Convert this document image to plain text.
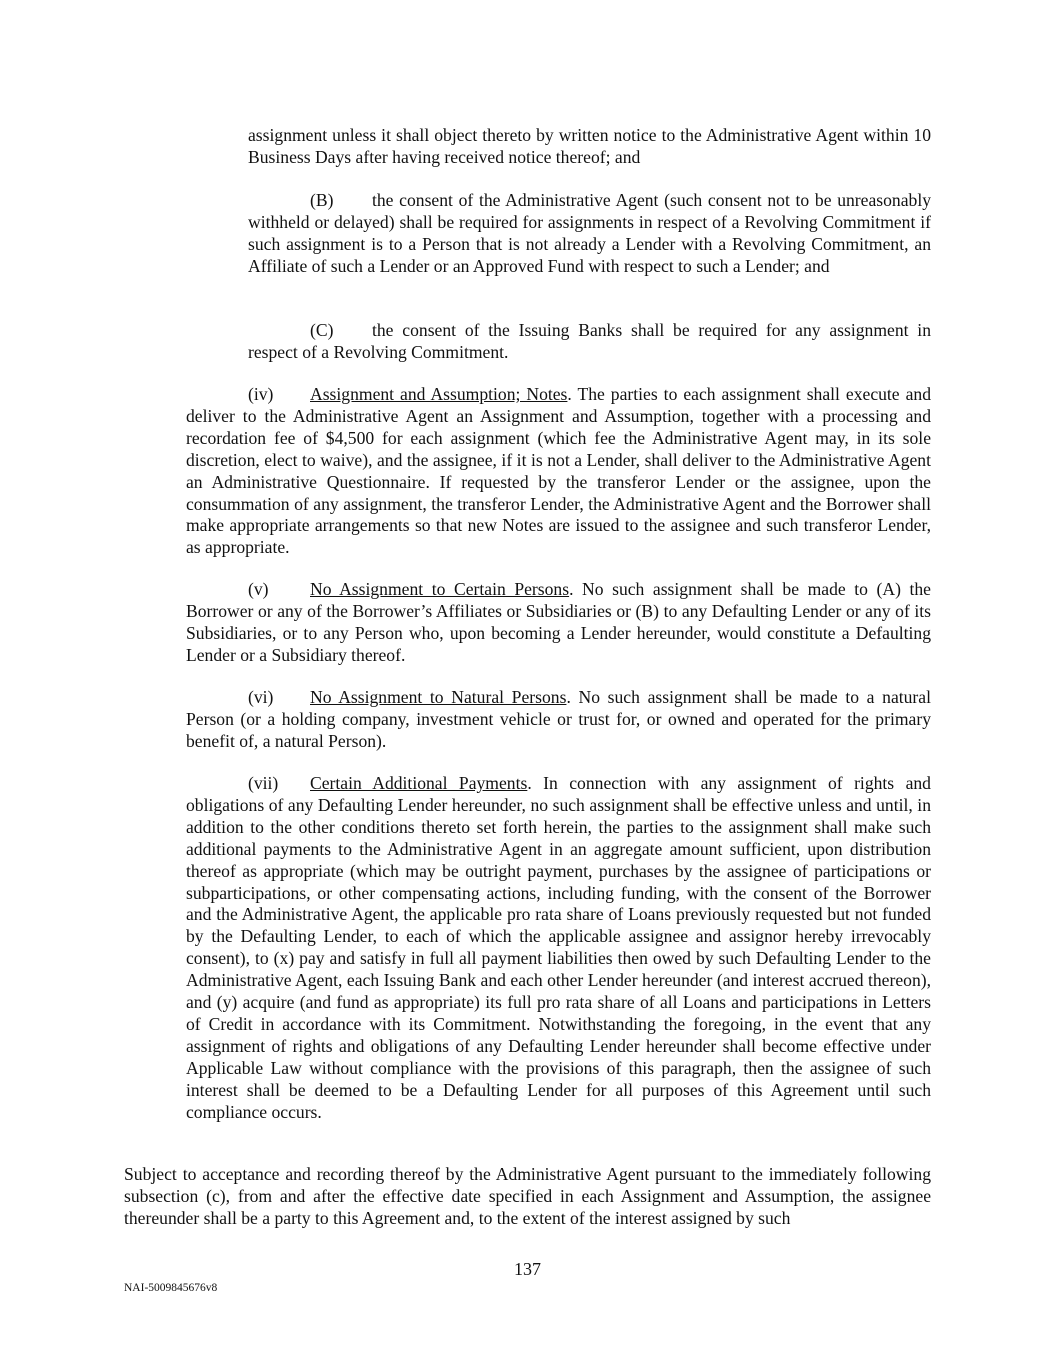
assignment unless it shall object thereto by written notice to the Administrative Agent within 10 Business Days after having received notice thereof; and

(B) the consent of the Administrative Agent (such consent not to be unreasonably withheld or delayed) shall be required for assignments in respect of a Revolving Commitment if such assignment is to a Person that is not already a Lender with a Revolving Commitment, an Affiliate of such a Lender or an Approved Fund with respect to such a Lender; and

(C) the consent of the Issuing Banks shall be required for any assignment in respect of a Revolving Commitment.

(iv) Assignment and Assumption; Notes. The parties to each assignment shall execute and deliver to the Administrative Agent an Assignment and Assumption, together with a processing and recordation fee of $4,500 for each assignment (which fee the Administrative Agent may, in its sole discretion, elect to waive), and the assignee, if it is not a Lender, shall deliver to the Administrative Agent an Administrative Questionnaire. If requested by the transferor Lender or the assignee, upon the consummation of any assignment, the transferor Lender, the Administrative Agent and the Borrower shall make appropriate arrangements so that new Notes are issued to the assignee and such transferor Lender, as appropriate.

(v) No Assignment to Certain Persons. No such assignment shall be made to (A) the Borrower or any of the Borrower’s Affiliates or Subsidiaries or (B) to any Defaulting Lender or any of its Subsidiaries, or to any Person who, upon becoming a Lender hereunder, would constitute a Defaulting Lender or a Subsidiary thereof.

(vi) No Assignment to Natural Persons. No such assignment shall be made to a natural Person (or a holding company, investment vehicle or trust for, or owned and operated for the primary benefit of, a natural Person).

(vii) Certain Additional Payments. In connection with any assignment of rights and obligations of any Defaulting Lender hereunder, no such assignment shall be effective unless and until, in addition to the other conditions thereto set forth herein, the parties to the assignment shall make such additional payments to the Administrative Agent in an aggregate amount sufficient, upon distribution thereof as appropriate (which may be outright payment, purchases by the assignee of participations or subparticipations, or other compensating actions, including funding, with the consent of the Borrower and the Administrative Agent, the applicable pro rata share of Loans previously requested but not funded by the Defaulting Lender, to each of which the applicable assignee and assignor hereby irrevocably consent), to (x) pay and satisfy in full all payment liabilities then owed by such Defaulting Lender to the Administrative Agent, each Issuing Bank and each other Lender hereunder (and interest accrued thereon), and (y) acquire (and fund as appropriate) its full pro rata share of all Loans and participations in Letters of Credit in accordance with its Commitment. Notwithstanding the foregoing, in the event that any assignment of rights and obligations of any Defaulting Lender hereunder shall become effective under Applicable Law without compliance with the provisions of this paragraph, then the assignee of such interest shall be deemed to be a Defaulting Lender for all purposes of this Agreement until such compliance occurs.

Subject to acceptance and recording thereof by the Administrative Agent pursuant to the immediately following subsection (c), from and after the effective date specified in each Assignment and Assumption, the assignee thereunder shall be a party to this Agreement and, to the extent of the interest assigned by such

137
NAI-5009845676v8
